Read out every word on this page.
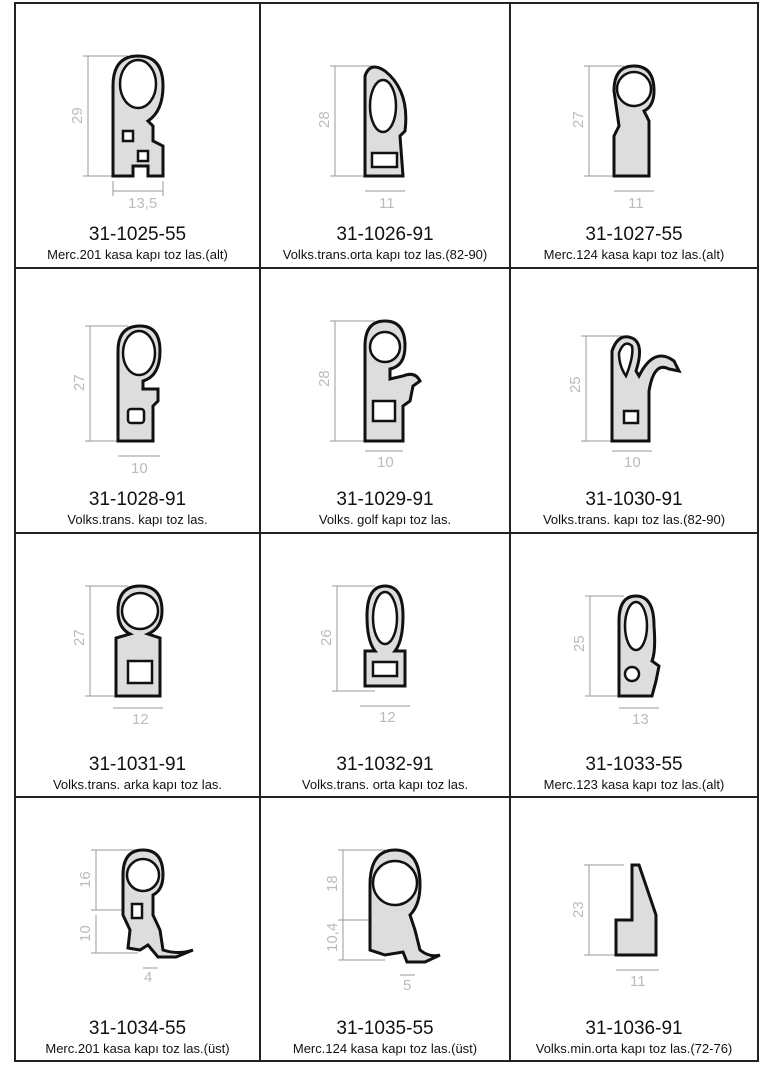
29
13,5
31-1025-55
Merc.201 kasa kapı toz las.(alt)
28
11
31-1026-91
Volks.trans.orta kapı toz las.(82-90)
27
11
31-1027-55
Merc.124 kasa kapı toz las.(alt)
27
10
31-1028-91
Volks.trans. kapı toz las.
28
10
31-1029-91
Volks. golf kapı toz las.
25
10
31-1030-91
Volks.trans. kapı toz las.(82-90)
27
12
31-1031-91
Volks.trans. arka kapı toz las.
26
12
31-1032-91
Volks.trans. orta kapı toz las.
25
13
31-1033-55
Merc.123 kasa kapı toz las.(alt)
16
10
4
31-1034-55
Merc.201 kasa kapı toz las.(üst)
18
10,4
5
31-1035-55
Merc.124 kasa kapı toz las.(üst)
23
11
31-1036-91
Volks.min.orta kapı toz las.(72-76)
